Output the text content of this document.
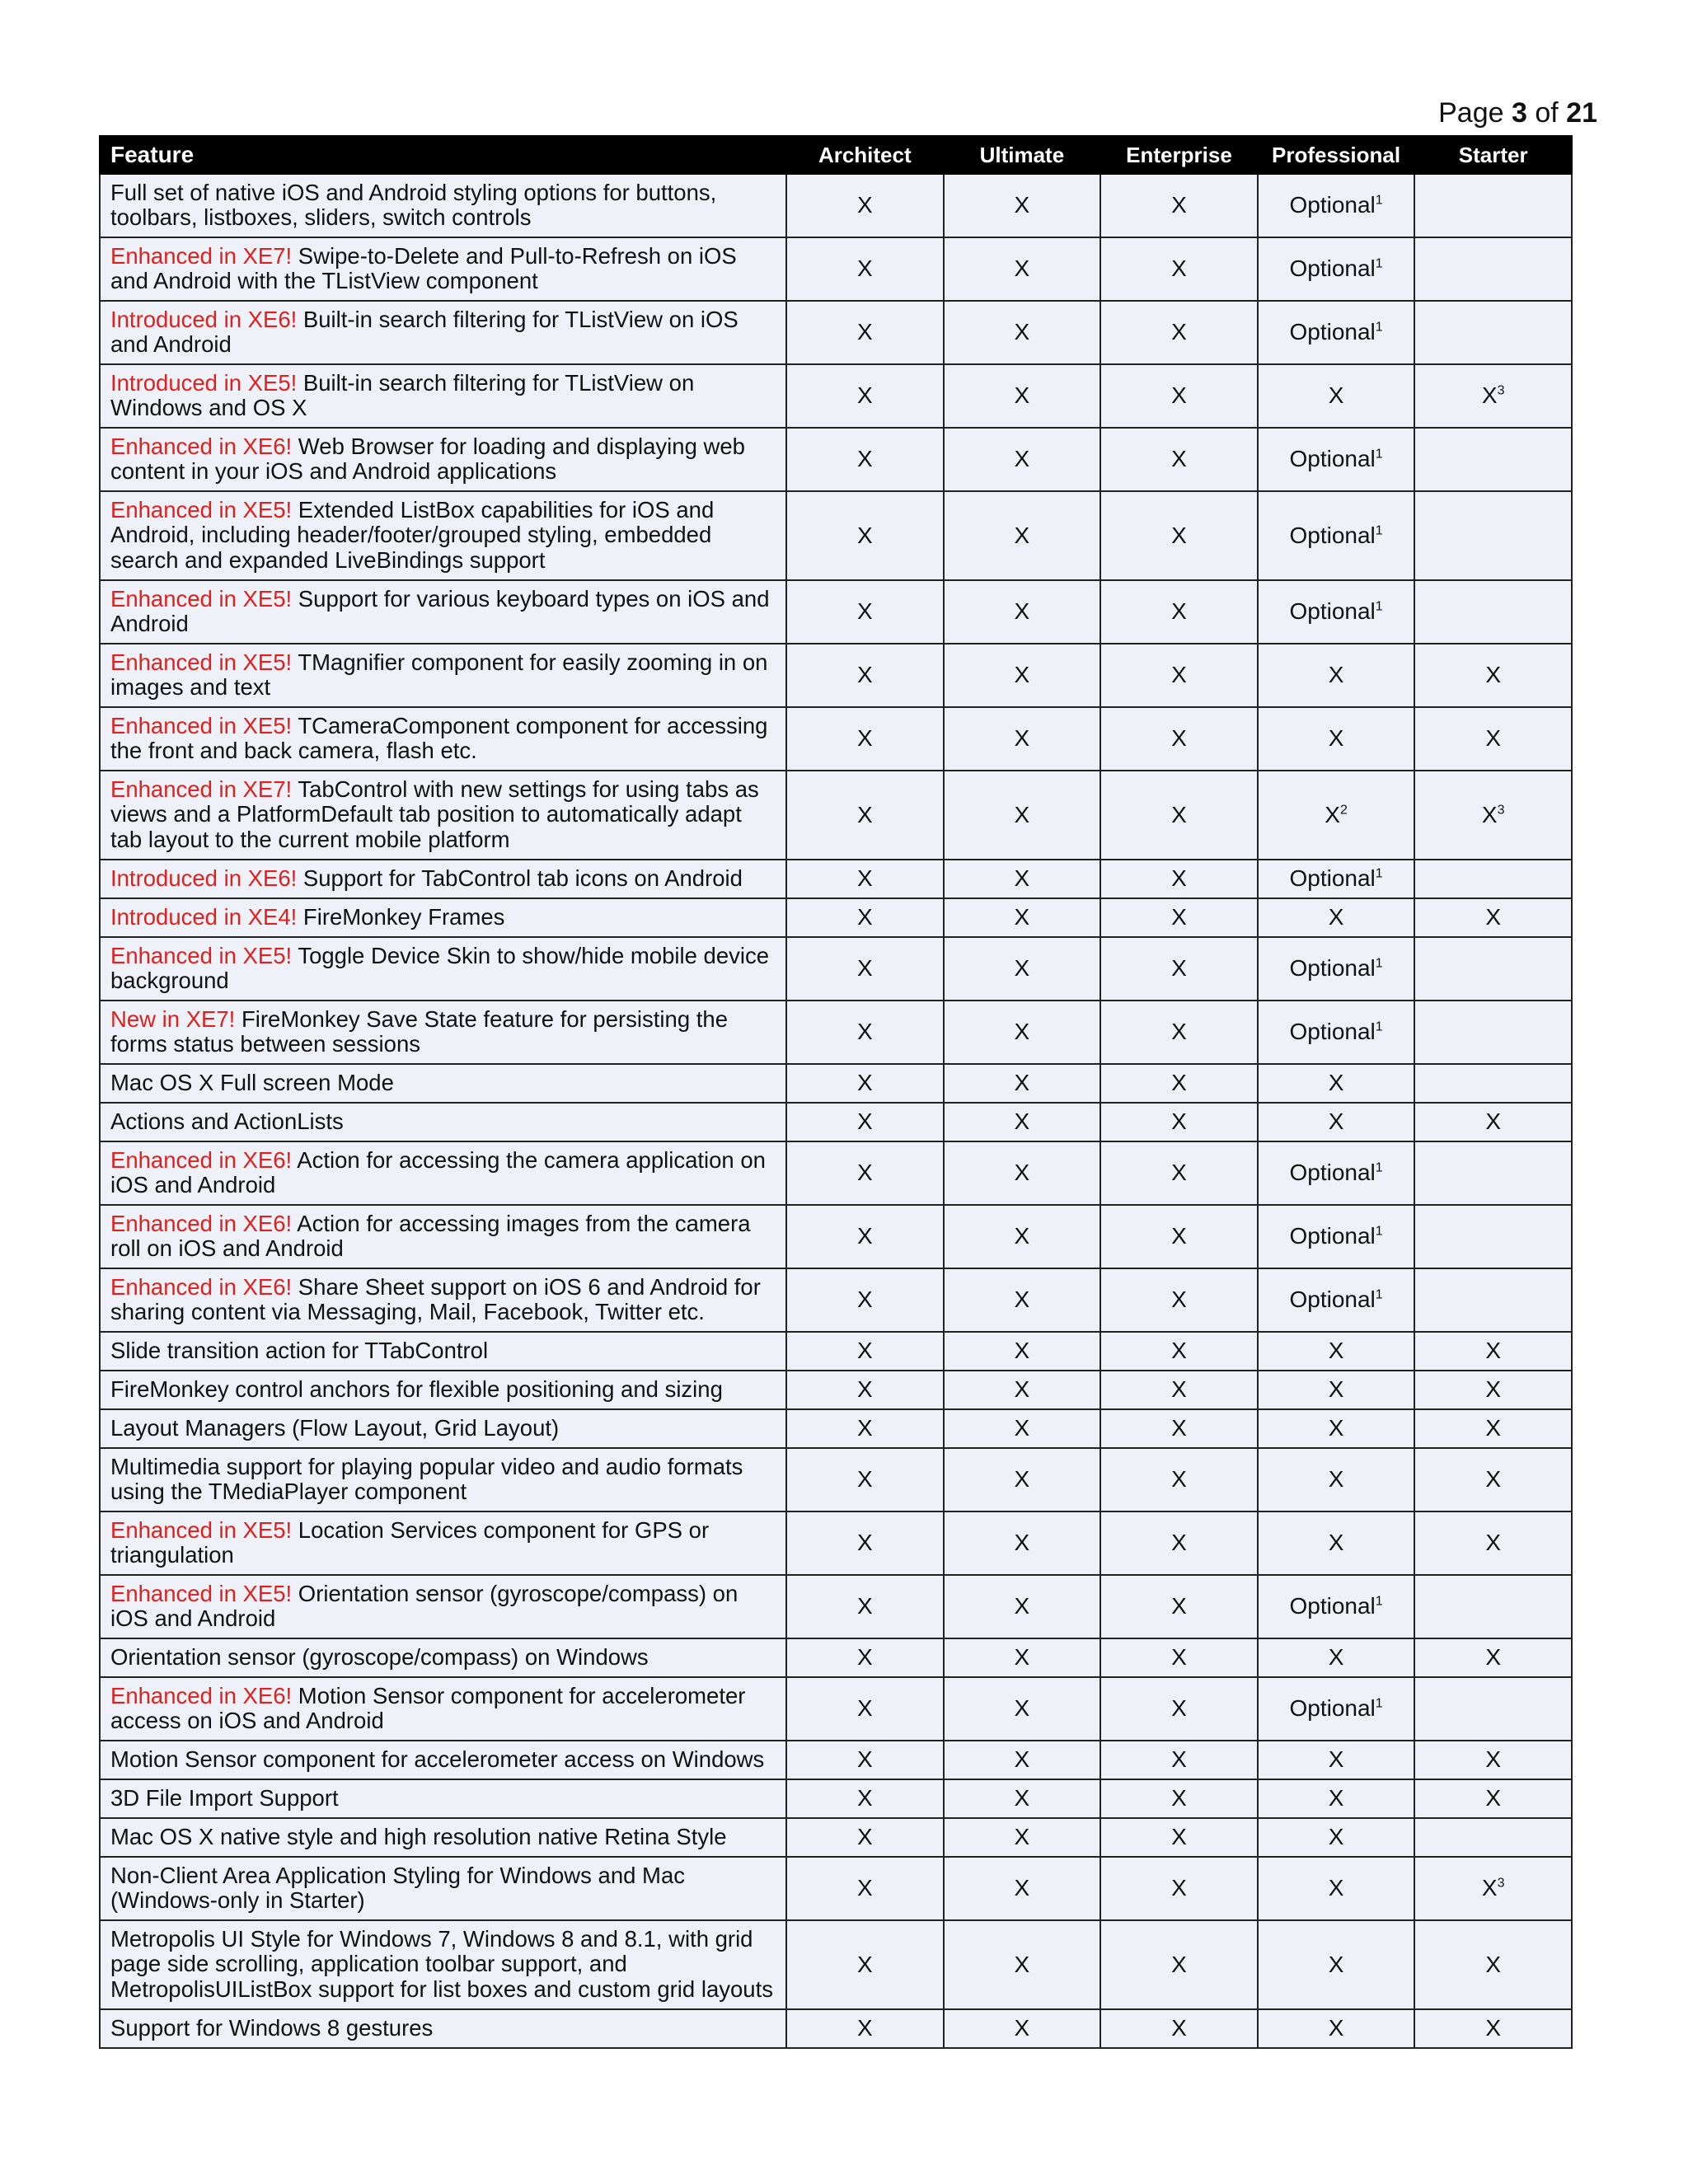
Page 3 of 21
Feature	Architect	Ultimate	Enterprise	Professional	Starter
Full set of native iOS and Android styling options for buttons, toolbars, listboxes, sliders, switch controls	X	X	X	Optional$^1$	
Enhanced in XE7! Swipe-to-Delete and Pull-to-Refresh on iOS and Android with the TListView component	X	X	X	Optional$^1$	
Introduced in XE6! Built-in search filtering for TListView on iOS and Android	X	X	X	Optional$^1$	
Introduced in XE5! Built-in search filtering for TListView on Windows and OS X	X	X	X	X	$X^3$
Enhanced in XE6! Web Browser for loading and displaying web content in your iOS and Android applications	X	X	X	Optional$^1$	
Enhanced in XE5! Extended ListBox capabilities for iOS and Android, including header/footer/grouped styling, embedded search and expanded LiveBindings support	X	X	X	Optional$^1$	
Enhanced in XE5! Support for various keyboard types on iOS and Android	X	X	X	Optional$^1$	
Enhanced in XE5! TMagnifier component for easily zooming in on images and text	X	X	X	X	X
Enhanced in XE5! TCameraComponent component for accessing the front and back camera, flash etc.	X	X	X	X	X
Enhanced in XE7! TabControl with new settings for using tabs as views and a PlatformDefault tab position to automatically adapt tab layout to the current mobile platform	X	X	X	$X^2$	$X^3$
Introduced in XE6! Support for TabControl tab icons on Android	X	X	X	Optional$^1$	
Introduced in XE4! FireMonkey Frames	X	X	X	X	X
Enhanced in XE5! Toggle Device Skin to show/hide mobile device background	X	X	X	Optional$^1$	
New in XE7! FireMonkey Save State feature for persisting the forms status between sessions	X	X	X	Optional$^1$	
Mac OS X Full screen Mode	X	X	X	X	
Actions and ActionLists	X	X	X	X	X
Enhanced in XE6! Action for accessing the camera application on iOS and Android	X	X	X	Optional$^1$	
Enhanced in XE6! Action for accessing images from the camera roll on iOS and Android	X	X	X	Optional$^1$	
Enhanced in XE6! Share Sheet support on iOS 6 and Android for sharing content via Messaging, Mail, Facebook, Twitter etc.	X	X	X	Optional$^1$	
Slide transition action for TTabControl	X	X	X	X	X
FireMonkey control anchors for flexible positioning and sizing	X	X	X	X	X
Layout Managers (Flow Layout, Grid Layout)	X	X	X	X	X
Multimedia support for playing popular video and audio formats using the TMediaPlayer component	X	X	X	X	X
Enhanced in XE5! Location Services component for GPS or triangulation	X	X	X	X	X
Enhanced in XE5! Orientation sensor (gyroscope/compass) on iOS and Android	X	X	X	Optional$^1$	
Orientation sensor (gyroscope/compass) on Windows	X	X	X	X	X
Enhanced in XE6! Motion Sensor component for accelerometer access on iOS and Android	X	X	X	Optional$^1$	
Motion Sensor component for accelerometer access on Windows	X	X	X	X	X
3D File Import Support	X	X	X	X	X
Mac OS X native style and high resolution native Retina Style	X	X	X	X	
Non-Client Area Application Styling for Windows and Mac (Windows-only in Starter)	X	X	X	X	$X^3$
Metropolis UI Style for Windows 7, Windows 8 and 8.1, with grid page side scrolling, application toolbar support, and MetropolisUIListBox support for list boxes and custom grid layouts	X	X	X	X	X
Support for Windows 8 gestures	X	X	X	X	X
